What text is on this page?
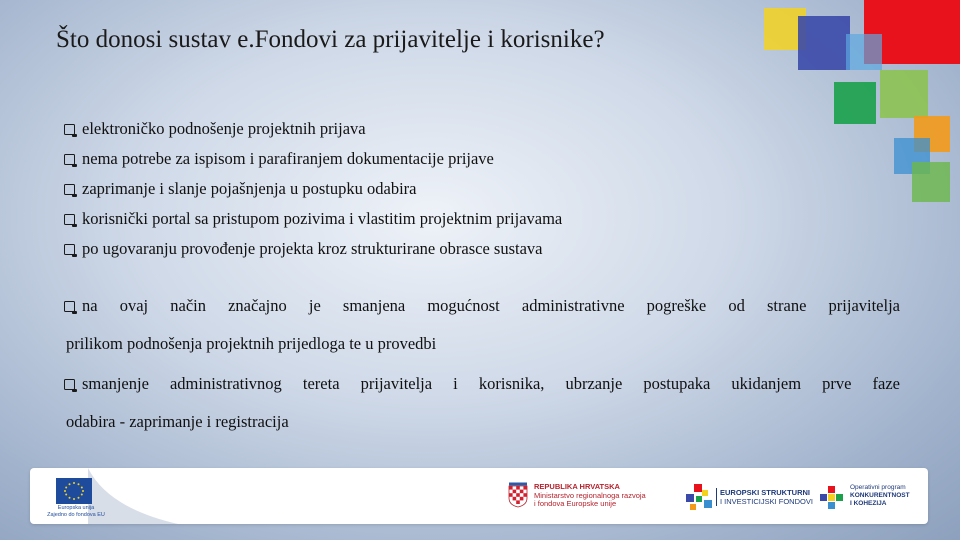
Što donosi sustav e.Fondovi za prijavitelje i korisnike?
elektroničko podnošenje projektnih prijava
nema potrebe za ispisom i parafiranjem dokumentacije prijave
zaprimanje i slanje pojašnjenja u postupku odabira
korisnički portal sa pristupom pozivima i vlastitim projektnim prijavama
po ugovaranju provođenje projekta kroz strukturirane obrasce sustava
na ovaj način značajno je smanjena mogućnost administrativne pogreške od strane prijavitelja
prilikom podnošenja projektnih prijedloga te u provedbi
smanjenje administrativnog tereta prijavitelja i korisnika, ubrzanje postupaka ukidanjem prve faze
odabira - zaprimanje i registracija
Europska unija
Zajedno do fondova EU
REPUBLIKA HRVATSKA
Ministarstvo regionalnoga razvoja
i fondova Europske unije
EUROPSKI STRUKTURNI
I INVESTICIJSKI FONDOVI
Operativni program
KONKURENTNOST
I KOHEZIJA
